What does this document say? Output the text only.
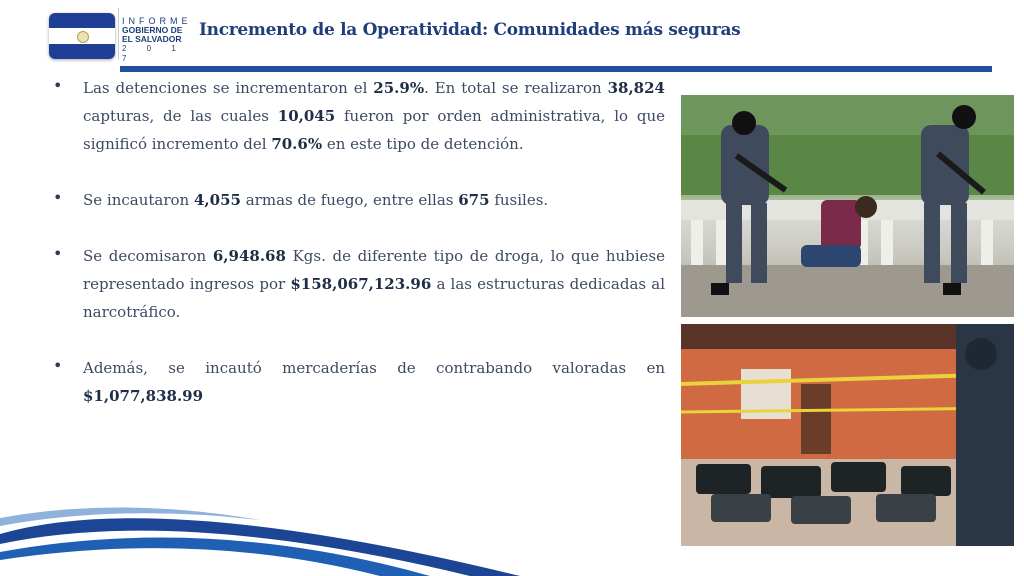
INFORME
GOBIERNO DE
EL SALVADOR
2 0 1 7
Incremento de la Operatividad: Comunidades más seguras
• Las detenciones se incrementaron el 25.9%. En total se realizaron 38,824 capturas, de las cuales 10,045 fueron por orden administrativa, lo que significó incremento del 70.6% en este tipo de detención.
• Se incautaron 4,055 armas de fuego, entre ellas 675 fusiles.
• Se decomisaron 6,948.68 Kgs. de diferente tipo de droga, lo que hubiese representado ingresos por $158,067,123.96 a las estructuras dedicadas al narcotráfico.
• Además, se incautó mercaderías de contrabando valoradas en $1,077,838.99
